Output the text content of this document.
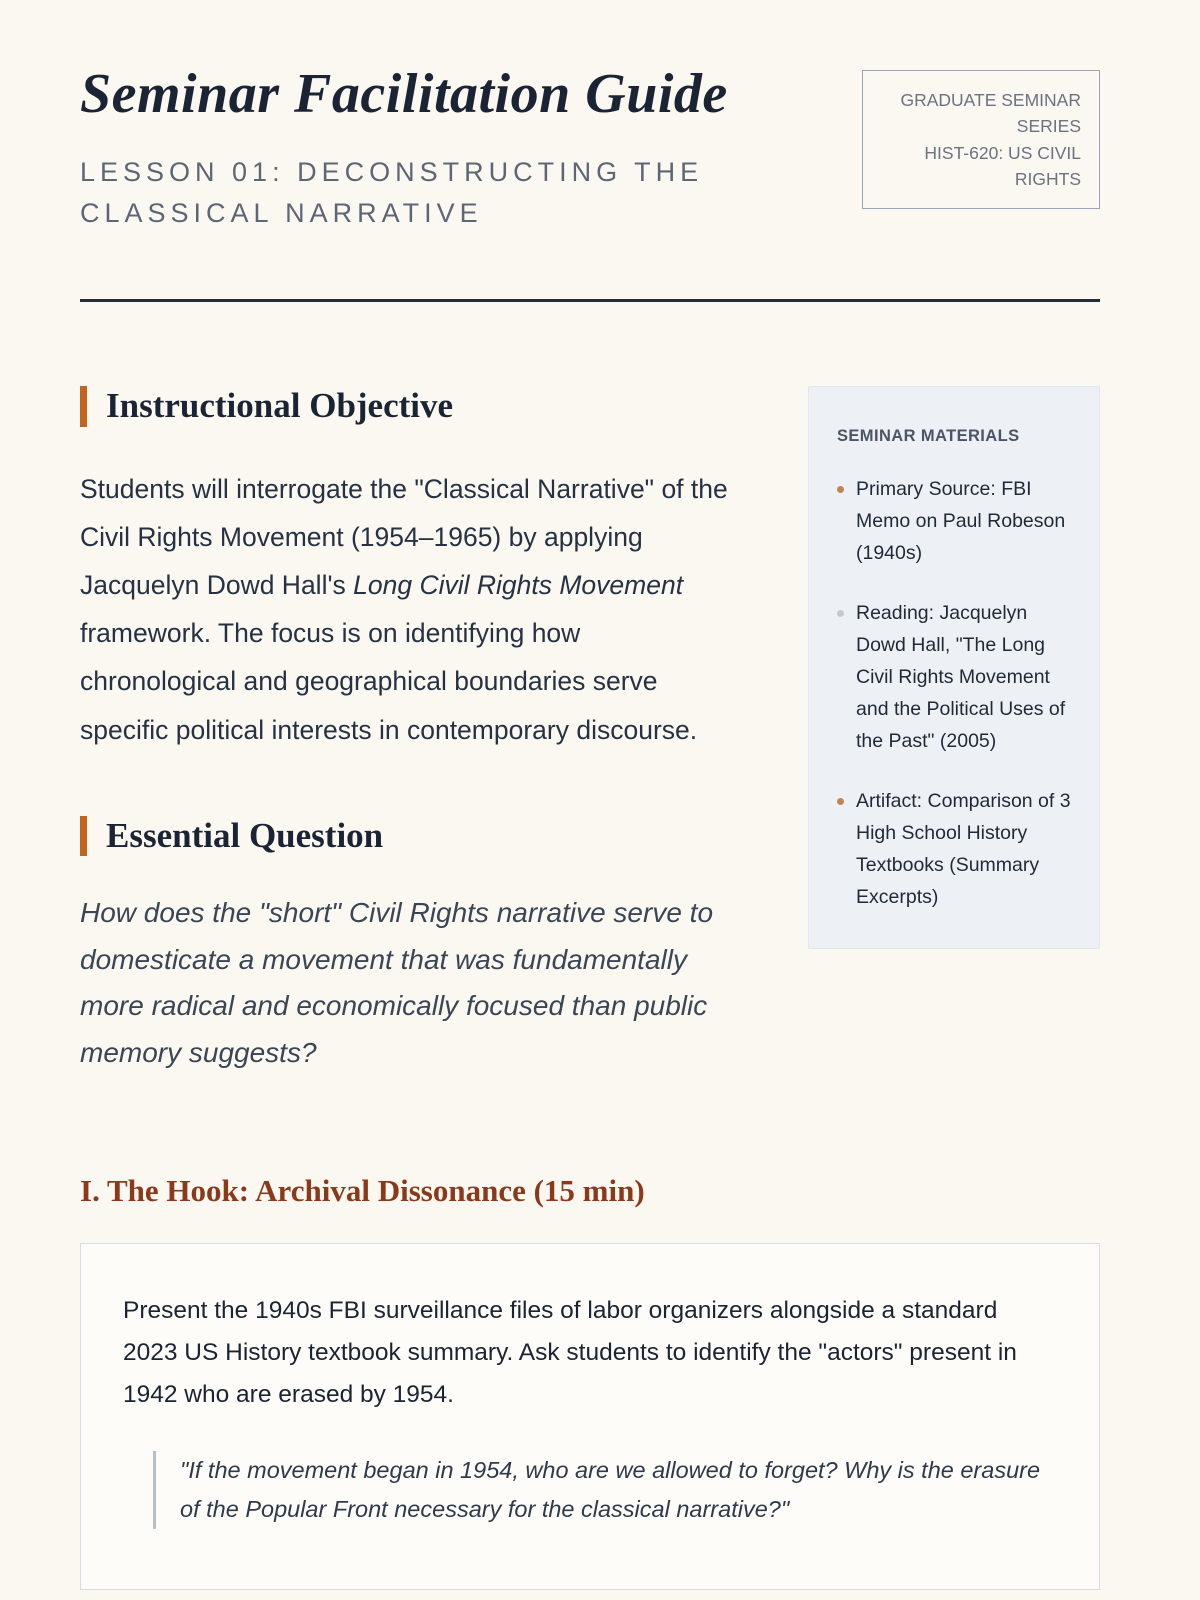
Seminar Facilitation Guide
LESSON 01: DECONSTRUCTING THE CLASSICAL NARRATIVE
GRADUATE SEMINAR SERIES
HIST-620: US CIVIL RIGHTS
Instructional Objective

Students will interrogate the "Classical Narrative" of the Civil Rights Movement (1954–1965) by applying Jacquelyn Dowd Hall's Long Civil Rights Movement framework. The focus is on identifying how chronological and geographical boundaries serve specific political interests in contemporary discourse.

Essential Question

How does the "short" Civil Rights narrative serve to domesticate a movement that was fundamentally more radical and economically focused than public memory suggests?

SEMINAR MATERIALS
Primary Source: FBI Memo on Paul Robeson (1940s)
Reading: Jacquelyn Dowd Hall, "The Long Civil Rights Movement and the Political Uses of the Past" (2005)
Artifact: Comparison of 3 High School History Textbooks (Summary Excerpts)
I. The Hook: Archival Dissonance (15 min)

Present the 1940s FBI surveillance files of labor organizers alongside a standard 2023 US History textbook summary. Ask students to identify the "actors" present in 1942 who are erased by 1954.

"If the movement began in 1954, who are we allowed to forget? Why is the erasure of the Popular Front necessary for the classical narrative?"
